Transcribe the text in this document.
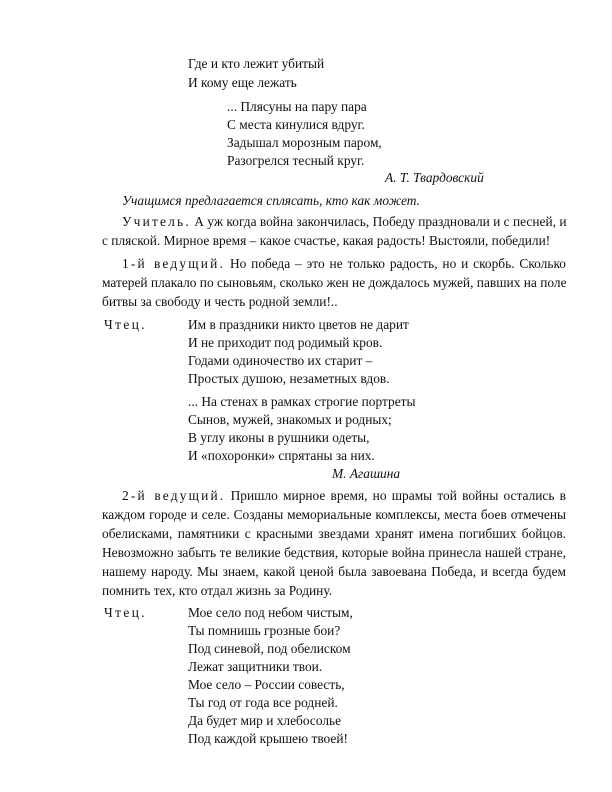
Где и кто лежит убитый
И кому еще лежать
... Плясуны на пару пара
С места кинулися вдруг.
Задышал морозным паром,
Разогрелся тесный круг.
А. Т. Твардовский
Учащимся предлагается сплясать, кто как может.
Учитель. А уж когда война закончилась, Победу праздновали и с песней, и
с пляской. Мирное время – какое счастье, какая радость! Выстояли, победили!
1-й ведущий. Но победа – это не только радость, но и скорбь. Сколько
матерей плакало по сыновьям, сколько жен не дождалось мужей, павших на поле
битвы за свободу и честь родной земли!..
Чтец.	Им в праздники никто цветов не дарит
И не приходит под родимый кров.
Годами одиночество их старит –
Простых душою, незаметных вдов.
... На стенах в рамках строгие портреты
Сынов, мужей, знакомых и родных;
В углу иконы в рушники одеты,
И «похоронки» спрятаны за них.
М. Агашина
2-й ведущий. Пришло мирное время, но шрамы той войны остались в
каждом городе и селе. Созданы мемориальные комплексы, места боев отмечены
обелисками, памятники с красными звездами хранят имена погибших бойцов.
Невозможно забыть те великие бедствия, которые война принесла нашей стране,
нашему народу. Мы знаем, какой ценой была завоевана Победа, и всегда будем
помнить тех, кто отдал жизнь за Родину.
Чтец.	Мое село под небом чистым,
Ты помнишь грозные бои?
Под синевой, под обелиском
Лежат защитники твои.
Мое село – России совесть,
Ты год от года все родней.
Да будет мир и хлебосолье
Под каждой крышею твоей!
